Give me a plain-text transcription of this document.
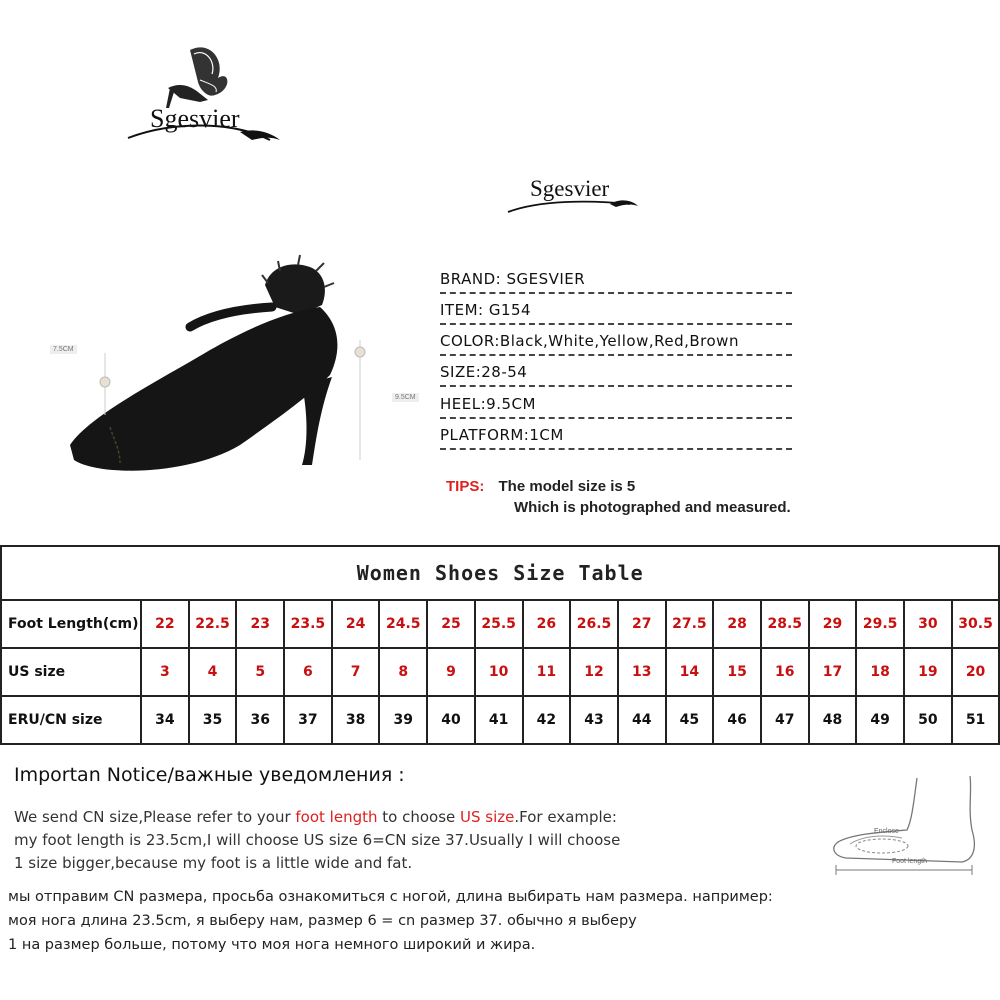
Sgesvier
Sgesvier
7.5CM
9.5CM
BRAND: SGESVIER
ITEM: G154
COLOR:Black,White,Yellow,Red,Brown
SIZE:28-54
HEEL:9.5CM
PLATFORM:1CM
TIPS: The model size is 5
Which is photographed and measured.
Women Shoes Size Table																		
Foot Length(cm)	22	22.5	23	23.5	24	24.5	25	25.5	26	26.5	27	27.5	28	28.5	29	29.5	30	30.5
US size	3	4	5	6	7	8	9	10	11	12	13	14	15	16	17	18	19	20
ERU/CN size	34	35	36	37	38	39	40	41	42	43	44	45	46	47	48	49	50	51
Importan Notice/важные уведомления :
We send CN size,Please refer to your foot length to choose US size.For example:
my foot length is 23.5cm,I will choose US size 6=CN size 37.Usually I will choose
1 size bigger,because my foot is a little wide and fat.
мы отправим CN размера, просьба ознакомиться с ногой, длина выбирать нам размера. например:
моя нога длина 23.5cm, я выберу нам, размер 6 = cn размер 37. обычно я выберу
1 на размер больше, потому что моя нога немного широкий и жира.
Enclose
Foot length
